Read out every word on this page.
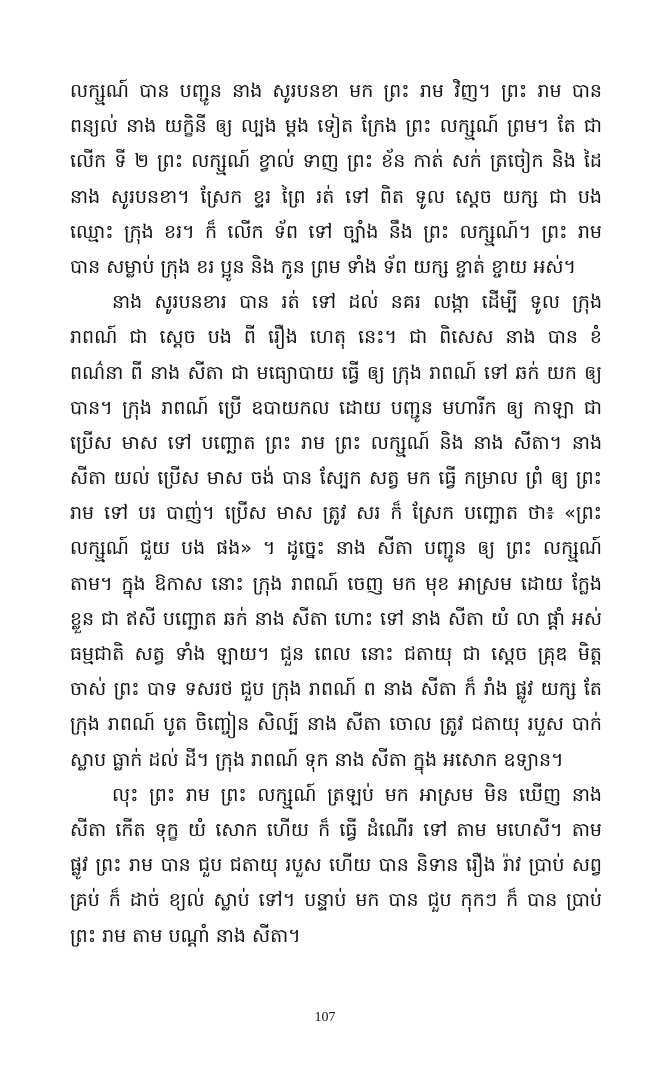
លក្ស្មណ៍ បាន បញ្ជូន នាង សូរបនខា មក ព្រះ រាម វិញ។ ព្រះ រាម បាន
ពន្យល់ នាង យក្ខិនី ឲ្យ ល្បង ម្តង ទៀត ក្រែង ព្រះ លក្ស្មណ៍ ព្រម។ តែ ជា
លើក ទី ២ ព្រះ លក្ស្មណ៍ ខ្វាល់ ទាញ ព្រះ ខ័ន កាត់ សក់ ត្រចៀក និង ដៃ
នាង សូរបនខា។ ស្រែក ខ្ទរ ព្រៃ រត់ ទៅ ពិត ទូល ស្តេច យក្ស ជា បង
ឈ្មោះ ក្រុង ខរ។ ក៏ លើក ទ័ព ទៅ ច្បាំង នឹង ព្រះ លក្ស្មណ៍។ ព្រះ រាម
បាន សម្លាប់ ក្រុង ខរ ប្អូន និង កូន ព្រម ទាំង ទ័ព យក្ស ខ្ចាត់ ខ្ចាយ អស់។
នាង សូរបនខារ បាន រត់ ទៅ ដល់ នគរ លង្កា ដើម្បី ទូល ក្រុង
រាពណ៍ ជា ស្តេច បង ពី រឿង ហេតុ នេះ។ ជា ពិសេស នាង បាន ខំ
ពណ៌នា ពី នាង សីតា ជា មធ្យោបាយ ធ្វើ ឲ្យ ក្រុង រាពណ៍ ទៅ ឆក់ យក ឲ្យ
បាន។ ក្រុង រាពណ៍ ប្រើ ឧបាយកល ដោយ បញ្ជូន មហារីក ឲ្យ កាឡា ជា
ប្រើស មាស ទៅ បញ្ឆោត ព្រះ រាម ព្រះ លក្ស្មណ៍ និង នាង សីតា។ នាង
សីតា យល់ ប្រើស មាស ចង់ បាន ស្បែក សត្វ មក ធ្វើ កម្រាល ព្រំ ឲ្យ ព្រះ
រាម ទៅ បរ បាញ់។ ប្រើស មាស ត្រូវ សរ ក៏ ស្រែក បញ្ឆោត ថា៖ «ព្រះ
លក្ស្មណ៍ ជួយ បង ផង» ។ ដូច្នេះ នាង សីតា បញ្ជូន ឲ្យ ព្រះ លក្ស្មណ៍
តាម។ ក្នុង ឱកាស នោះ ក្រុង រាពណ៍ ចេញ មក មុខ អាស្រម ដោយ ក្លែង
ខ្លួន ជា ឥសី បញ្ឆោត ឆក់ នាង សីតា ហោះ ទៅ នាង សីតា យំ លា ផ្តាំ អស់
ធម្មជាតិ សត្វ ទាំង ឡាយ។ ជួន ពេល នោះ ជតាយុ ជា ស្តេច គ្រុឌ មិត្ត
ចាស់ ព្រះ បាទ ទសរថ ជួប ក្រុង រាពណ៍ ព នាង សីតា ក៏ រាំង ផ្លូវ យក្ស តែ
ក្រុង រាពណ៍ បូត ចិញ្ចៀន សិល្ប៍ នាង សីតា ចោល ត្រូវ ជតាយុ របួស បាក់
ស្លាប ធ្លាក់ ដល់ ដី។ ក្រុង រាពណ៍ ទុក នាង សីតា ក្នុង អសោក ឧទ្យាន។
លុះ ព្រះ រាម ព្រះ លក្ស្មណ៍ ត្រឡប់ មក អាស្រម មិន ឃើញ នាង
សីតា កើត ទុក្ខ យំ សោក ហើយ ក៏ ធ្វើ ដំណើរ ទៅ តាម មហេសី។ តាម
ផ្លូវ ព្រះ រាម បាន ជួប ជតាយុ របួស ហើយ បាន និទាន រឿង រ៉ាវ ប្រាប់ សព្វ
គ្រប់ ក៏ ដាច់ ខ្យល់ ស្លាប់ ទៅ។ បន្ទាប់ មក បាន ជួប កុកៗ ក៏ បាន ប្រាប់
ព្រះ រាម តាម បណ្តាំ នាង សីតា។
107
